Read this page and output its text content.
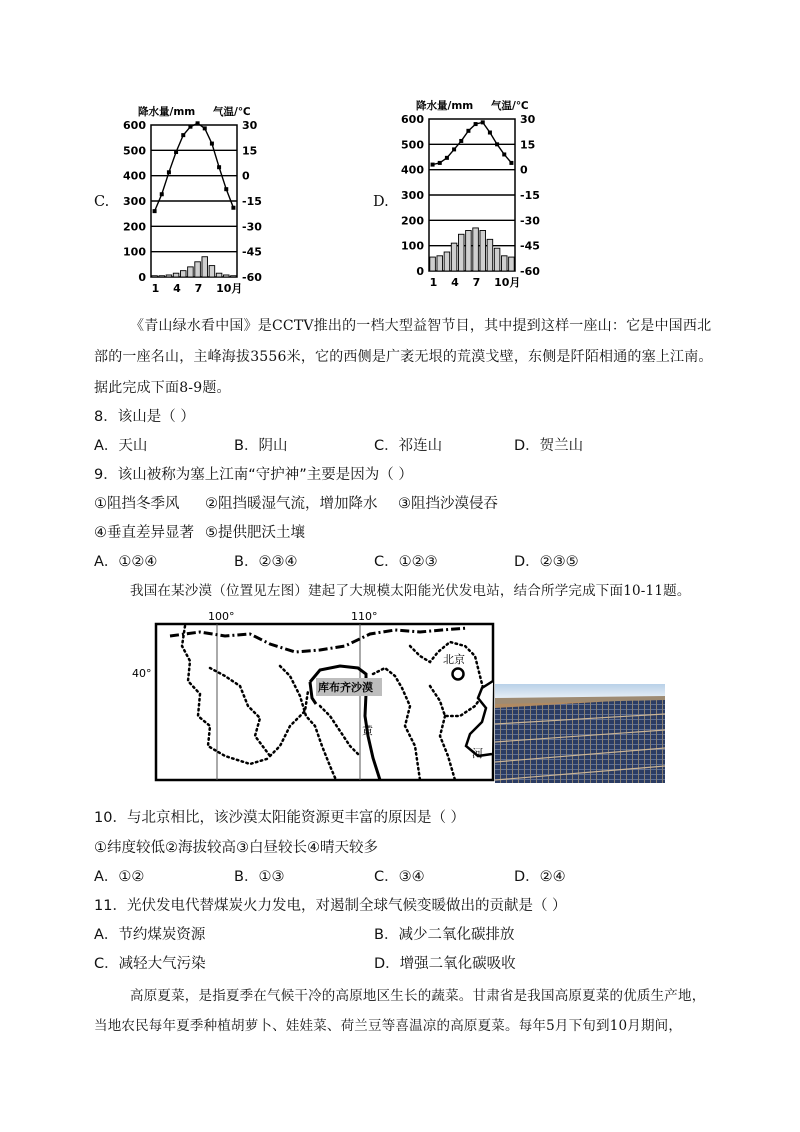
C.
降水量/mm 气温/℃
600
500
400
300
200
100
0
30
15
0
-15
-30
-45
-60
1 4 7 10月
D.
降水量/mm 气温/℃
600
500
400
300
200
100
0
30
15
0
-15
-30
-45
-60
1 4 7 10月
《青山绿水看中国》是CCTV推出的一档大型益智节目，其中提到这样一座山：它是中国西北
部的一座名山，主峰海拔3556米，它的西侧是广袤无垠的荒漠戈壁，东侧是阡陌相通的塞上江南。
据此完成下面8-9题。
8．该山是（ ）
A．天山	B．阴山	C．祁连山	D．贺兰山
9．该山被称为塞上江南“守护神”主要是因为（ ）
①阻挡冬季风 ②阻挡暖湿气流，增加降水 ③阻挡沙漠侵吞
④垂直差异显著 ⑤提供肥沃土壤
A．①②④	B．②③④	C．①②③	D．②③⑤
我国在某沙漠（位置见左图）建起了大规模太阳能光伏发电站，结合所学完成下面10-11题。
100°	110°
40°
库布齐沙漠
北京
黄
河
10．与北京相比，该沙漠太阳能资源更丰富的原因是（ ）
①纬度较低②海拔较高③白昼较长④晴天较多
A．①②	B．①③	C．③④	D．②④
11．光伏发电代替煤炭火力发电，对遏制全球气候变暖做出的贡献是（ ）
A．节约煤炭资源	B．减少二氧化碳排放
C．减轻大气污染	D．增强二氧化碳吸收
高原夏菜，是指夏季在气候干冷的高原地区生长的蔬菜。甘肃省是我国高原夏菜的优质生产地，
当地农民每年夏季种植胡萝卜、娃娃菜、荷兰豆等喜温凉的高原夏菜。每年5月下旬到10月期间，
